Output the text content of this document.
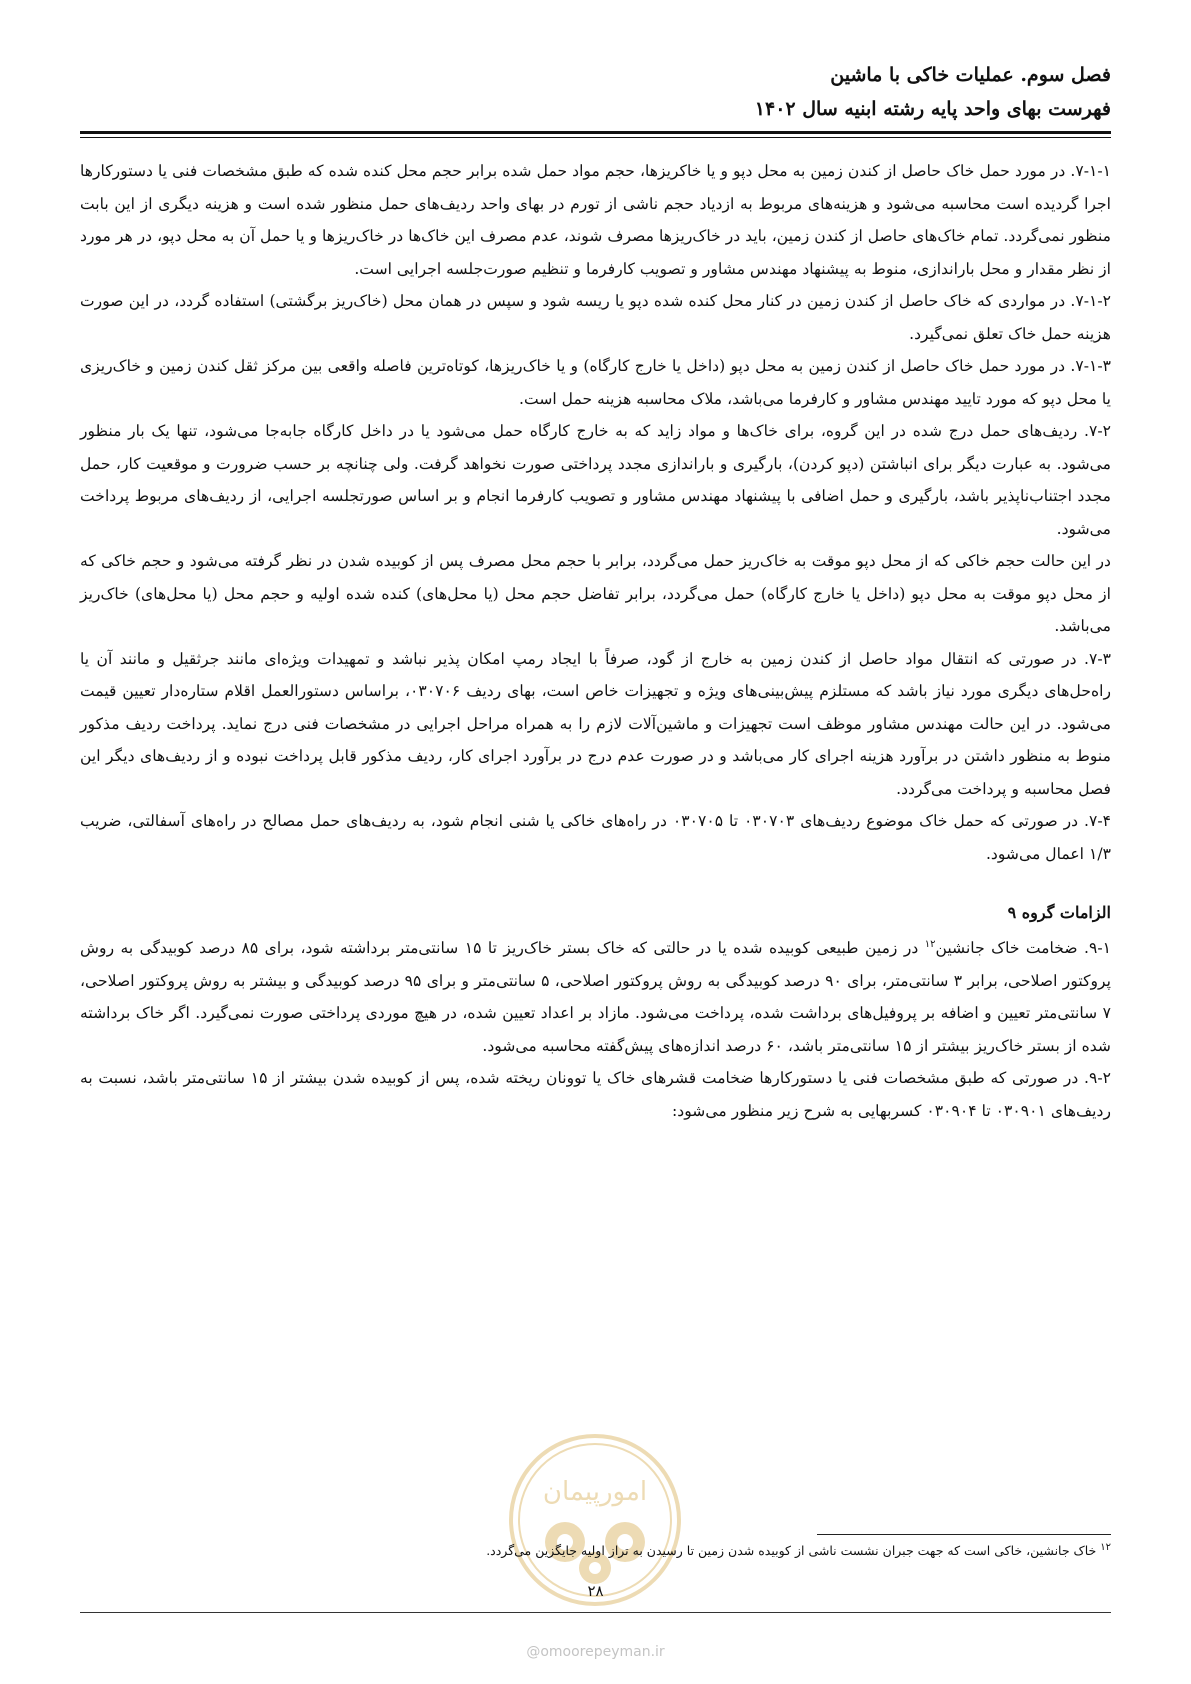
فصل سوم. عملیات خاکی با ماشین
فهرست بهای واحد پایه رشته ابنیه سال ۱۴۰۲

۷-۱-۱. در مورد حمل خاک حاصل از کندن زمین به محل دپو و یا خاکریزها، حجم مواد حمل شده برابر حجم محل کنده شده که طبق مشخصات فنی یا دستورکارها اجرا گردیده است محاسبه می‌شود و هزینه‌های مربوط به ازدیاد حجم ناشی از تورم در بهای واحد ردیف‌های حمل منظور شده است و هزینه دیگری از این بابت منظور نمی‌گردد. تمام خاک‌های حاصل از کندن زمین، باید در خاک‌ریزها مصرف شوند، عدم مصرف این خاک‌ها در خاک‌ریزها و یا حمل آن به محل دپو، در هر مورد از نظر مقدار و محل باراندازی، منوط به پیشنهاد مهندس مشاور و تصویب کارفرما و تنظیم صورت‌جلسه اجرایی است.

۷-۱-۲. در مواردی که خاک حاصل از کندن زمین در کنار محل کنده شده دپو یا ریسه شود و سپس در همان محل (خاک‌ریز برگشتی) استفاده گردد، در این صورت هزینه حمل خاک تعلق نمی‌گیرد.

۷-۱-۳. در مورد حمل خاک حاصل از کندن زمین به محل دپو (داخل یا خارج کارگاه) و یا خاک‌ریزها، کوتاه‌ترین فاصله واقعی بین مرکز ثقل کندن زمین و خاک‌ریزی یا محل دپو که مورد تایید مهندس مشاور و کارفرما می‌باشد، ملاک محاسبه هزینه حمل است.

۷-۲. ردیف‌های حمل درج شده در این گروه، برای خاک‌ها و مواد زاید که به خارج کارگاه حمل می‌شود یا در داخل کارگاه جابه‌جا می‌شود، تنها یک بار منظور می‌شود. به عبارت دیگر برای انباشتن (دپو کردن)، بارگیری و باراندازی مجدد پرداختی صورت نخواهد گرفت. ولی چنانچه بر حسب ضرورت و موقعیت کار، حمل مجدد اجتناب‌ناپذیر باشد، بارگیری و حمل اضافی با پیشنهاد مهندس مشاور و تصویب کارفرما انجام و بر اساس صورتجلسه اجرایی، از ردیف‌های مربوط پرداخت می‌شود.

در این حالت حجم خاکی که از محل دپو موقت به خاک‌ریز حمل می‌گردد، برابر با حجم محل مصرف پس از کوبیده شدن در نظر گرفته می‌شود و حجم خاکی که از محل دپو موقت به محل دپو (داخل یا خارج کارگاه) حمل می‌گردد، برابر تفاضل حجم محل (یا محل‌های) کنده شده اولیه و حجم محل (یا محل‌های) خاک‌ریز می‌باشد.

۷-۳. در صورتی که انتقال مواد حاصل از کندن زمین به خارج از گود، صرفاً با ایجاد رمپ امکان پذیر نباشد و تمهیدات ویژه‌ای مانند جرثقیل و مانند آن یا راه‌حل‌های دیگری مورد نیاز باشد که مستلزم پیش‌بینی‌های ویژه و تجهیزات خاص است، بهای ردیف ۰۳۰۷۰۶، براساس دستورالعمل اقلام ستاره‌دار تعیین قیمت می‌شود. در این حالت مهندس مشاور موظف است تجهیزات و ماشین‌آلات لازم را به همراه مراحل اجرایی در مشخصات فنی درج نماید. پرداخت ردیف مذکور منوط به منظور داشتن در برآورد هزینه اجرای کار می‌باشد و در صورت عدم درج در برآورد اجرای کار، ردیف مذکور قابل پرداخت نبوده و از ردیف‌های دیگر این فصل محاسبه و پرداخت می‌گردد.

۷-۴. در صورتی که حمل خاک موضوع ردیف‌های ۰۳۰۷۰۳ تا ۰۳۰۷۰۵ در راه‌های خاکی یا شنی انجام شود، به ردیف‌های حمل مصالح در راه‌های آسفالتی، ضریب ۱/۳ اعمال می‌شود.

الزامات گروه ۹

۹-۱. ضخامت خاک جانشین$^{۱۲}$ در زمین طبیعی کوبیده شده یا در حالتی که خاک بستر خاک‌ریز تا ۱۵ سانتی‌متر برداشته شود، برای ۸۵ درصد کوبیدگی به روش پروکتور اصلاحی، برابر ۳ سانتی‌متر، برای ۹۰ درصد کوبیدگی به روش پروکتور اصلاحی، ۵ سانتی‌متر و برای ۹۵ درصد کوبیدگی و بیشتر به روش پروکتور اصلاحی، ۷ سانتی‌متر تعیین و اضافه بر پروفیل‌های برداشت شده، پرداخت می‌شود. مازاد بر اعداد تعیین شده، در هیچ موردی پرداختی صورت نمی‌گیرد. اگر خاک برداشته شده از بستر خاک‌ریز بیشتر از ۱۵ سانتی‌متر باشد، ۶۰ درصد اندازه‌های پیش‌گفته محاسبه می‌شود.

۹-۲. در صورتی که طبق مشخصات فنی یا دستورکارها ضخامت قشرهای خاک یا توونان ریخته شده، پس از کوبیده شدن بیشتر از ۱۵ سانتی‌متر باشد، نسبت به ردیف‌های ۰۳۰۹۰۱ تا ۰۳۰۹۰۴ کسربهایی به شرح زیر منظور می‌شود:

امورپیمان
$^{۱۲}$ خاک جانشین، خاکی است که جهت جبران نشست ناشی از کوبیده شدن زمین تا رسیدن به تراز اولیه جایگزین می‌گردد.
۲۸
@omoorepeyman.ir
